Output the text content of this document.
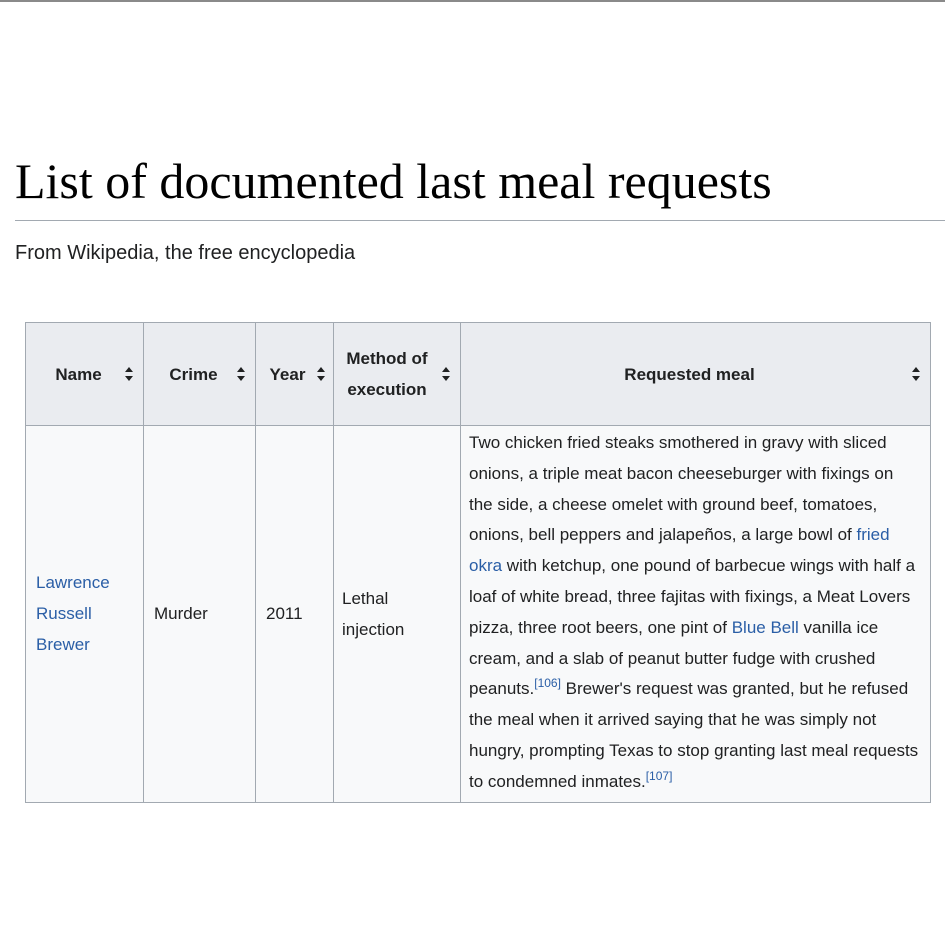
List of documented last meal requests
From Wikipedia, the free encyclopedia
Name	Crime	Year	Method of execution	Requested meal

Lawrence Russell Brewer	Murder	2011	Lethal injection	Two chicken fried steaks smothered in gravy with sliced onions, a triple meat bacon cheeseburger with fixings on the side, a cheese omelet with ground beef, tomatoes, onions, bell peppers and jalapeños, a large bowl of fried okra with ketchup, one pound of barbecue wings with half a loaf of white bread, three fajitas with fixings, a Meat Lovers pizza, three root beers, one pint of Blue Bell vanilla ice cream, and a slab of peanut butter fudge with crushed peanuts.[106] Brewer's request was granted, but he refused the meal when it arrived saying that he was simply not hungry, prompting Texas to stop granting last meal requests to condemned inmates.[107]
